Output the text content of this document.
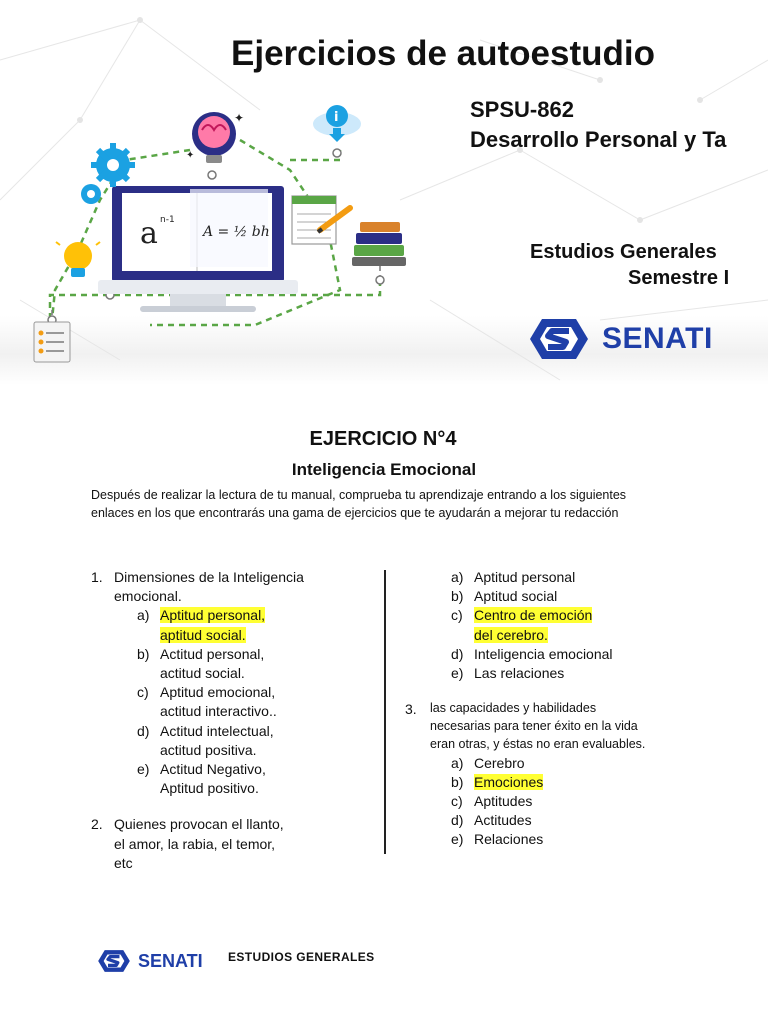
a n-1
A = ½ bh
✦
✦
i
Ejercicios de autoestudio
SPSU-862
Desarrollo Personal y Ta
Estudios Generales
Semestre I
SENATI
EJERCICIO N°4
Inteligencia Emocional
Después de realizar la lectura de tu manual, comprueba tu aprendizaje entrando a los siguientes enlaces en los que encontrarás una gama de ejercicios que te ayudarán a mejorar tu redacción
1. Dimensiones de la Inteligencia emocional.
a) Aptitud personal,
aptitud social.
b) Actitud personal,
actitud social.
c) Aptitud emocional,
actitud interactivo..
d) Actitud intelectual,
actitud positiva.
e) Actitud Negativo,
Aptitud positivo.
2. Quienes provocan el llanto,
el amor, la rabia, el temor,
etc
a) Aptitud personal
b) Aptitud social
c) Centro de emoción
del cerebro.
d) Inteligencia emocional
e) Las relaciones
3.	las capacidades y habilidades
necesarias para tener éxito en la vida
eran otras, y éstas no eran evaluables.
a) Cerebro
b) Emociones
c) Aptitudes
d) Actitudes
e) Relaciones
SENATI ESTUDIOS GENERALES
